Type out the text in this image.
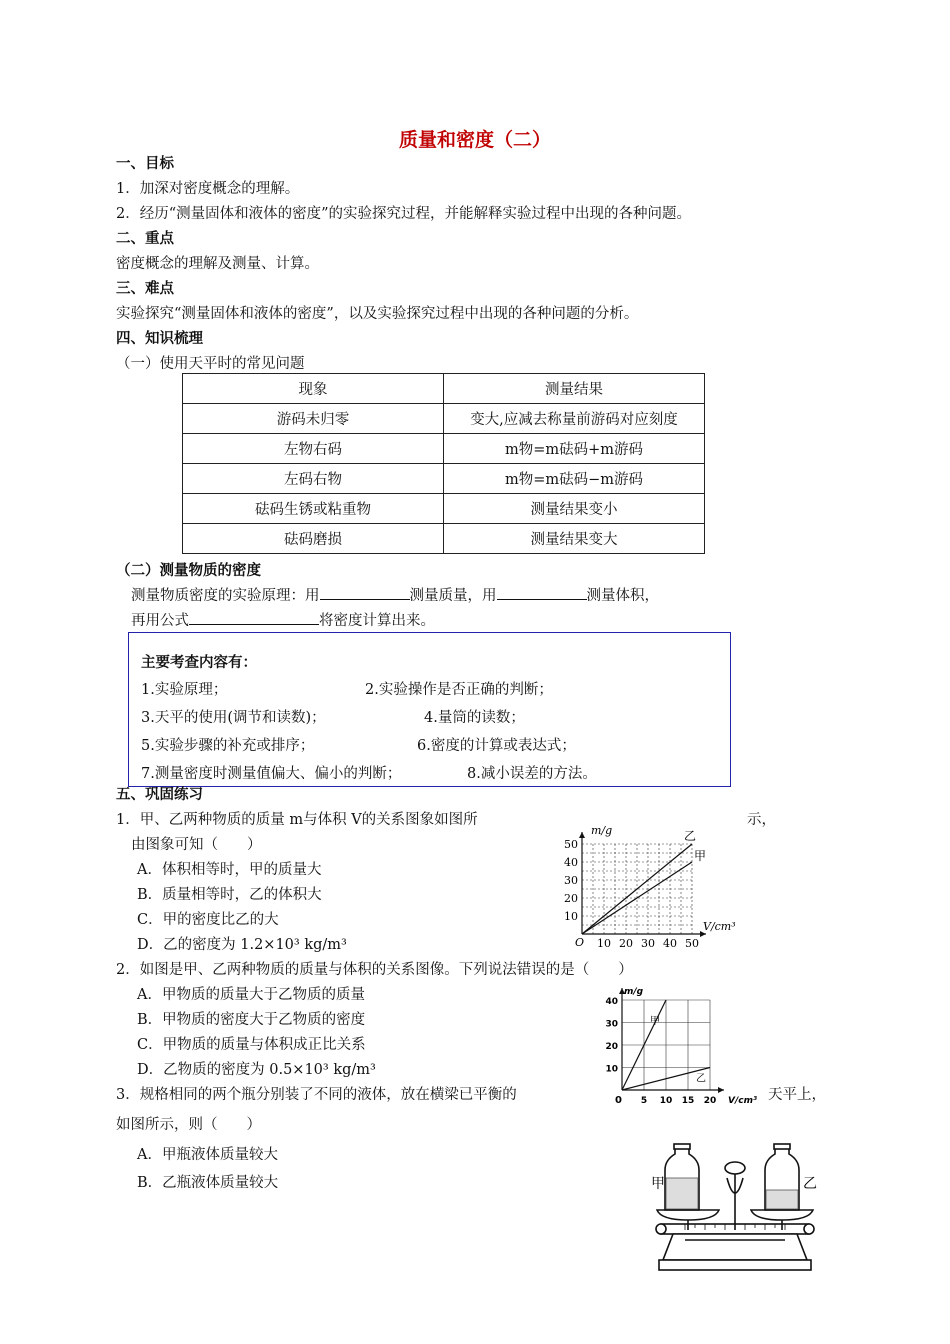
质量和密度（二）
一、目标
1．加深对密度概念的理解。
2．经历“测量固体和液体的密度”的实验探究过程，并能解释实验过程中出现的各种问题。
二、重点
密度概念的理解及测量、计算。
三、难点
实验探究“测量固体和液体的密度”，以及实验探究过程中出现的各种问题的分析。
四、知识梳理
（一）使用天平时的常见问题
现象	测量结果
游码未归零	变大,应减去称量前游码对应刻度
左物右码	m物=m砝码+m游码
左码右物	m物=m砝码−m游码
砝码生锈或粘重物	测量结果变小
砝码磨损	测量结果变大
（二）测量物质的密度
测量物质密度的实验原理：用	测量质量，用	测量体积，
再用公式	将密度计算出来。
主要考查内容有：
1.实验原理；	2.实验操作是否正确的判断；
3.天平的使用(调节和读数)；	4.量筒的读数；
5.实验步骤的补充或排序；	6.密度的计算或表达式；
7.测量密度时测量值偏大、偏小的判断；	8.减小误差的方法。
五、巩固练习
1．甲、乙两种物质的质量 m与体积 V的关系图象如图所	示，
由图象可知（　　）
A．体积相等时，甲的质量大
B．质量相等时，乙的体积大
C．甲的密度比乙的大
D．乙的密度为 1.2×10³ kg/m³	10 20 30 40 50
10
20
30
40
50
m/g
V/cm³
O
乙
甲
2．如图是甲、乙两种物质的质量与体积的关系图像。下列说法错误的是（　　）
A．甲物质的质量大于乙物质的质量
B．甲物质的密度大于乙物质的密度
C．甲物质的质量与体积成正比关系
D．乙物质的密度为 0.5×10³ kg/m³
5 10 15 20
10
20
30
40
m/g
V/cm³
0
甲
乙
3．规格相同的两个瓶分别装了不同的液体，放在横梁已平衡的	天平上，
如图所示，则（　　）
A．甲瓶液体质量较大
B．乙瓶液体质量较大	甲	乙
